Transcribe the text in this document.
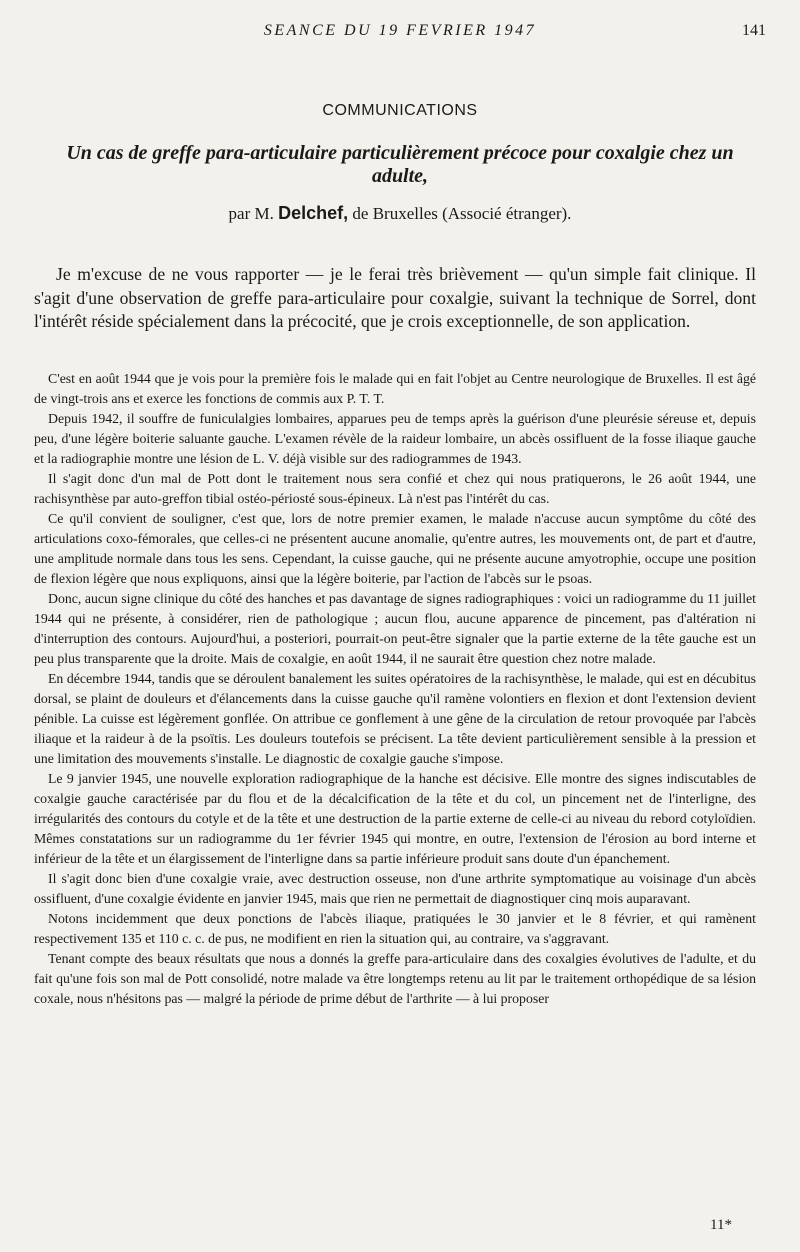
SEANCE DU 19 FEVRIER 1947	141
COMMUNICATIONS
Un cas de greffe para-articulaire particulièrement précoce pour coxalgie chez un adulte,
par M. Delchef, de Bruxelles (Associé étranger).

Je m'excuse de ne vous rapporter — je le ferai très brièvement — qu'un simple fait clinique. Il s'agit d'une observation de greffe para-articulaire pour coxalgie, suivant la technique de Sorrel, dont l'intérêt réside spécialement dans la précocité, que je crois exceptionnelle, de son application.

C'est en août 1944 que je vois pour la première fois le malade qui en fait l'objet au Centre neurologique de Bruxelles. Il est âgé de vingt-trois ans et exerce les fonctions de commis aux P. T. T.

Depuis 1942, il souffre de funiculalgies lombaires, apparues peu de temps après la guérison d'une pleurésie séreuse et, depuis peu, d'une légère boiterie saluante gauche. L'examen révèle de la raideur lombaire, un abcès ossifluent de la fosse iliaque gauche et la radiographie montre une lésion de L. V. déjà visible sur des radiogrammes de 1943.

Il s'agit donc d'un mal de Pott dont le traitement nous sera confié et chez qui nous pratiquerons, le 26 août 1944, une rachisynthèse par auto-greffon tibial ostéo-périosté sous-épineux. Là n'est pas l'intérêt du cas.

Ce qu'il convient de souligner, c'est que, lors de notre premier examen, le malade n'accuse aucun symptôme du côté des articulations coxo-fémorales, que celles-ci ne présentent aucune anomalie, qu'entre autres, les mouvements ont, de part et d'autre, une amplitude normale dans tous les sens. Cependant, la cuisse gauche, qui ne présente aucune amyotrophie, occupe une position de flexion légère que nous expliquons, ainsi que la légère boiterie, par l'action de l'abcès sur le psoas.

Donc, aucun signe clinique du côté des hanches et pas davantage de signes radiographiques : voici un radiogramme du 11 juillet 1944 qui ne présente, à considérer, rien de pathologique ; aucun flou, aucune apparence de pincement, pas d'altération ni d'interruption des contours. Aujourd'hui, a posteriori, pourrait-on peut-être signaler que la partie externe de la tête gauche est un peu plus transparente que la droite. Mais de coxalgie, en août 1944, il ne saurait être question chez notre malade.

En décembre 1944, tandis que se déroulent banalement les suites opératoires de la rachisynthèse, le malade, qui est en décubitus dorsal, se plaint de douleurs et d'élancements dans la cuisse gauche qu'il ramène volontiers en flexion et dont l'extension devient pénible. La cuisse est légèrement gonflée. On attribue ce gonflement à une gêne de la circulation de retour provoquée par l'abcès iliaque et la raideur à de la psoïtis. Les douleurs toutefois se précisent. La tête devient particulièrement sensible à la pression et une limitation des mouvements s'installe. Le diagnostic de coxalgie gauche s'impose.

Le 9 janvier 1945, une nouvelle exploration radiographique de la hanche est décisive. Elle montre des signes indiscutables de coxalgie gauche caractérisée par du flou et de la décalcification de la tête et du col, un pincement net de l'interligne, des irrégularités des contours du cotyle et de la tête et une destruction de la partie externe de celle-ci au niveau du rebord cotyloïdien. Mêmes constatations sur un radiogramme du 1er février 1945 qui montre, en outre, l'extension de l'érosion au bord interne et inférieur de la tête et un élargissement de l'interligne dans sa partie inférieure produit sans doute d'un épanchement.

Il s'agit donc bien d'une coxalgie vraie, avec destruction osseuse, non d'une arthrite symptomatique au voisinage d'un abcès ossifluent, d'une coxalgie évidente en janvier 1945, mais que rien ne permettait de diagnostiquer cinq mois auparavant.

Notons incidemment que deux ponctions de l'abcès iliaque, pratiquées le 30 janvier et le 8 février, et qui ramènent respectivement 135 et 110 c. c. de pus, ne modifient en rien la situation qui, au contraire, va s'aggravant.

Tenant compte des beaux résultats que nous a donnés la greffe para-articulaire dans des coxalgies évolutives de l'adulte, et du fait qu'une fois son mal de Pott consolidé, notre malade va être longtemps retenu au lit par le traitement orthopédique de sa lésion coxale, nous n'hésitons pas — malgré la période de prime début de l'arthrite — à lui proposer

11*
